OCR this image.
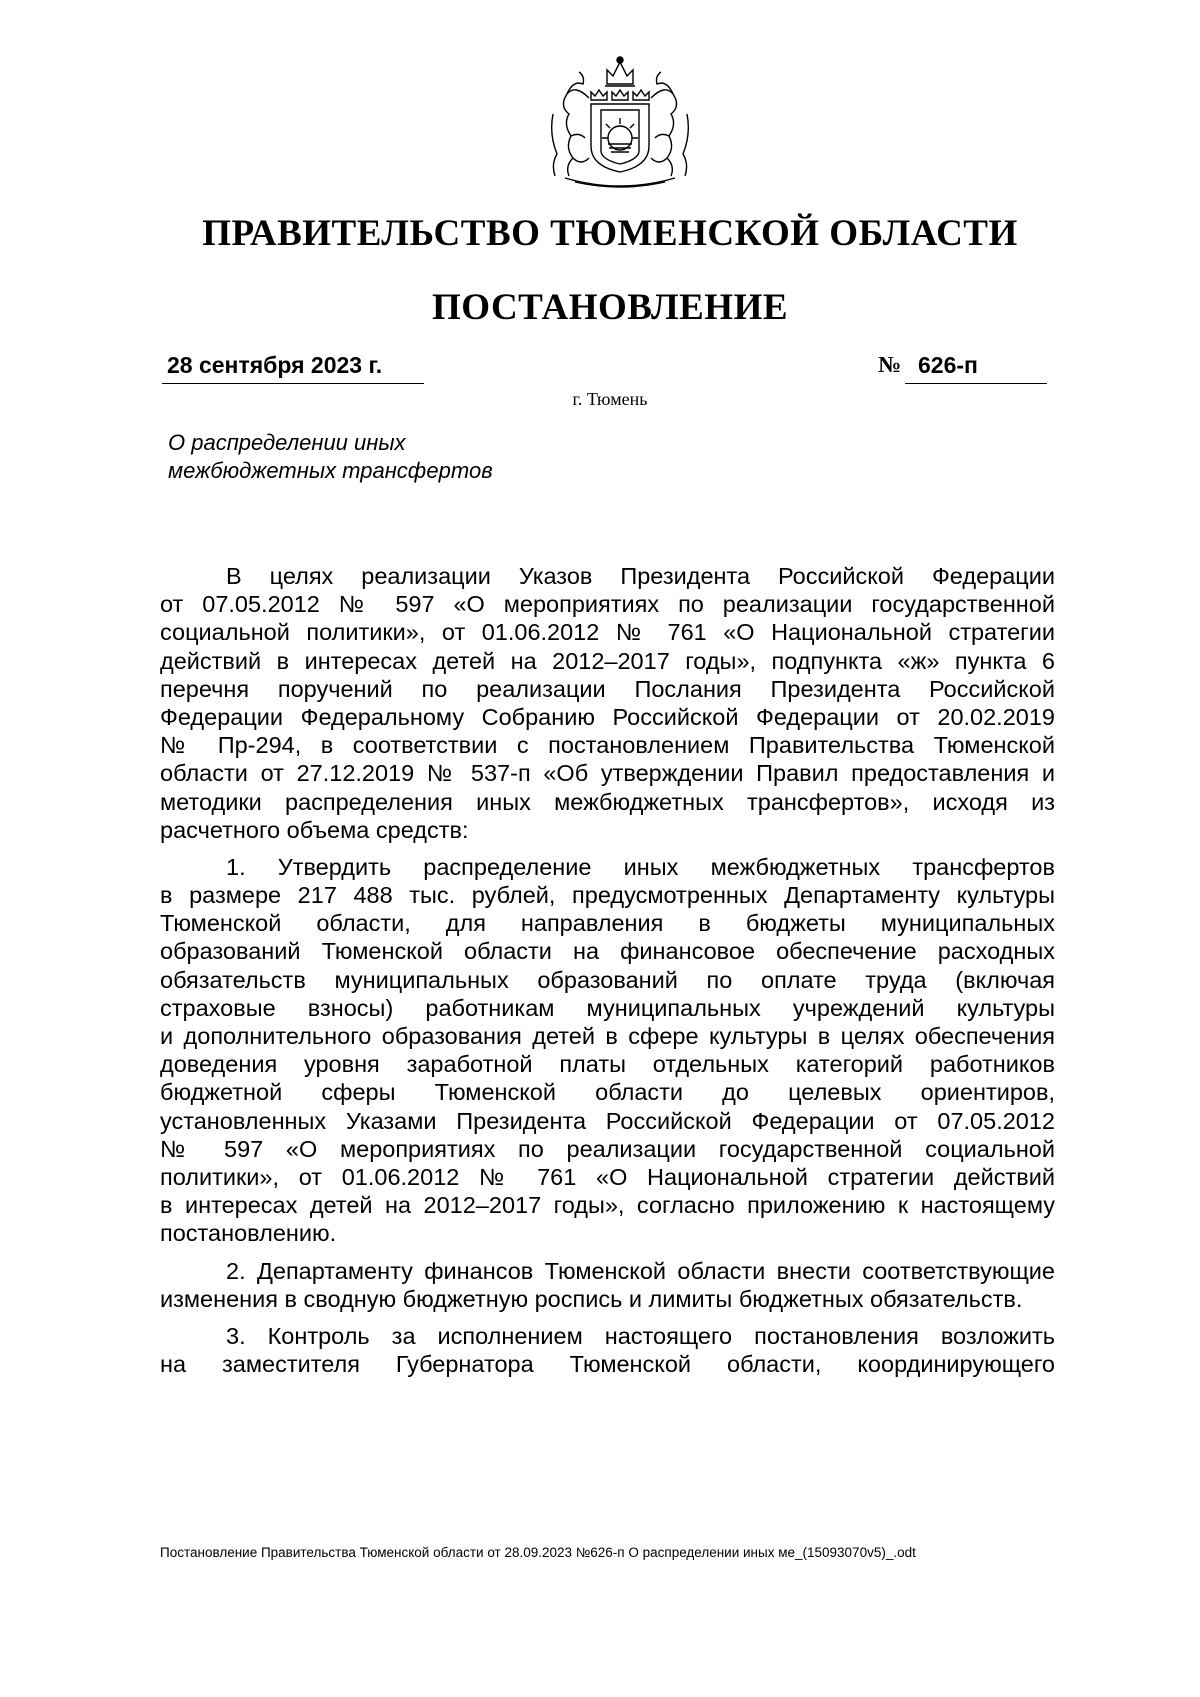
ПРАВИТЕЛЬСТВО ТЮМЕНСКОЙ ОБЛАСТИ
ПОСТАНОВЛЕНИЕ
28 сентября 2023 г.	№ 626-п
г. Тюмень
О распределении иных
межбюджетных трансфертов
В целях реализации Указов Президента Российской Федерации
от 07.05.2012 № 597 «О мероприятиях по реализации государственной
социальной политики», от 01.06.2012 № 761 «О Национальной стратегии
действий в интересах детей на 2012–2017 годы», подпункта «ж» пункта 6
перечня поручений по реализации Послания Президента Российской
Федерации Федеральному Собранию Российской Федерации от 20.02.2019
№ Пр-294, в соответствии с постановлением Правительства Тюменской
области от 27.12.2019 № 537-п «Об утверждении Правил предоставления и
методики распределения иных межбюджетных трансфертов», исходя из
расчетного объема средств:
1. Утвердить распределение иных межбюджетных трансфертов
в размере 217 488 тыс. рублей, предусмотренных Департаменту культуры
Тюменской области, для направления в бюджеты муниципальных
образований Тюменской области на финансовое обеспечение расходных
обязательств муниципальных образований по оплате труда (включая
страховые взносы) работникам муниципальных учреждений культуры
и дополнительного образования детей в сфере культуры в целях обеспечения
доведения уровня заработной платы отдельных категорий работников
бюджетной сферы Тюменской области до целевых ориентиров,
установленных Указами Президента Российской Федерации от 07.05.2012
№ 597 «О мероприятиях по реализации государственной социальной
политики», от 01.06.2012 № 761 «О Национальной стратегии действий
в интересах детей на 2012–2017 годы», согласно приложению к настоящему
постановлению.
2. Департаменту финансов Тюменской области внести соответствующие
изменения в сводную бюджетную роспись и лимиты бюджетных обязательств.
3. Контроль за исполнением настоящего постановления возложить
на заместителя Губернатора Тюменской области, координирующего
Постановление Правительства Тюменской области от 28.09.2023 №626-п О распределении иных ме_(15093070v5)_.odt
